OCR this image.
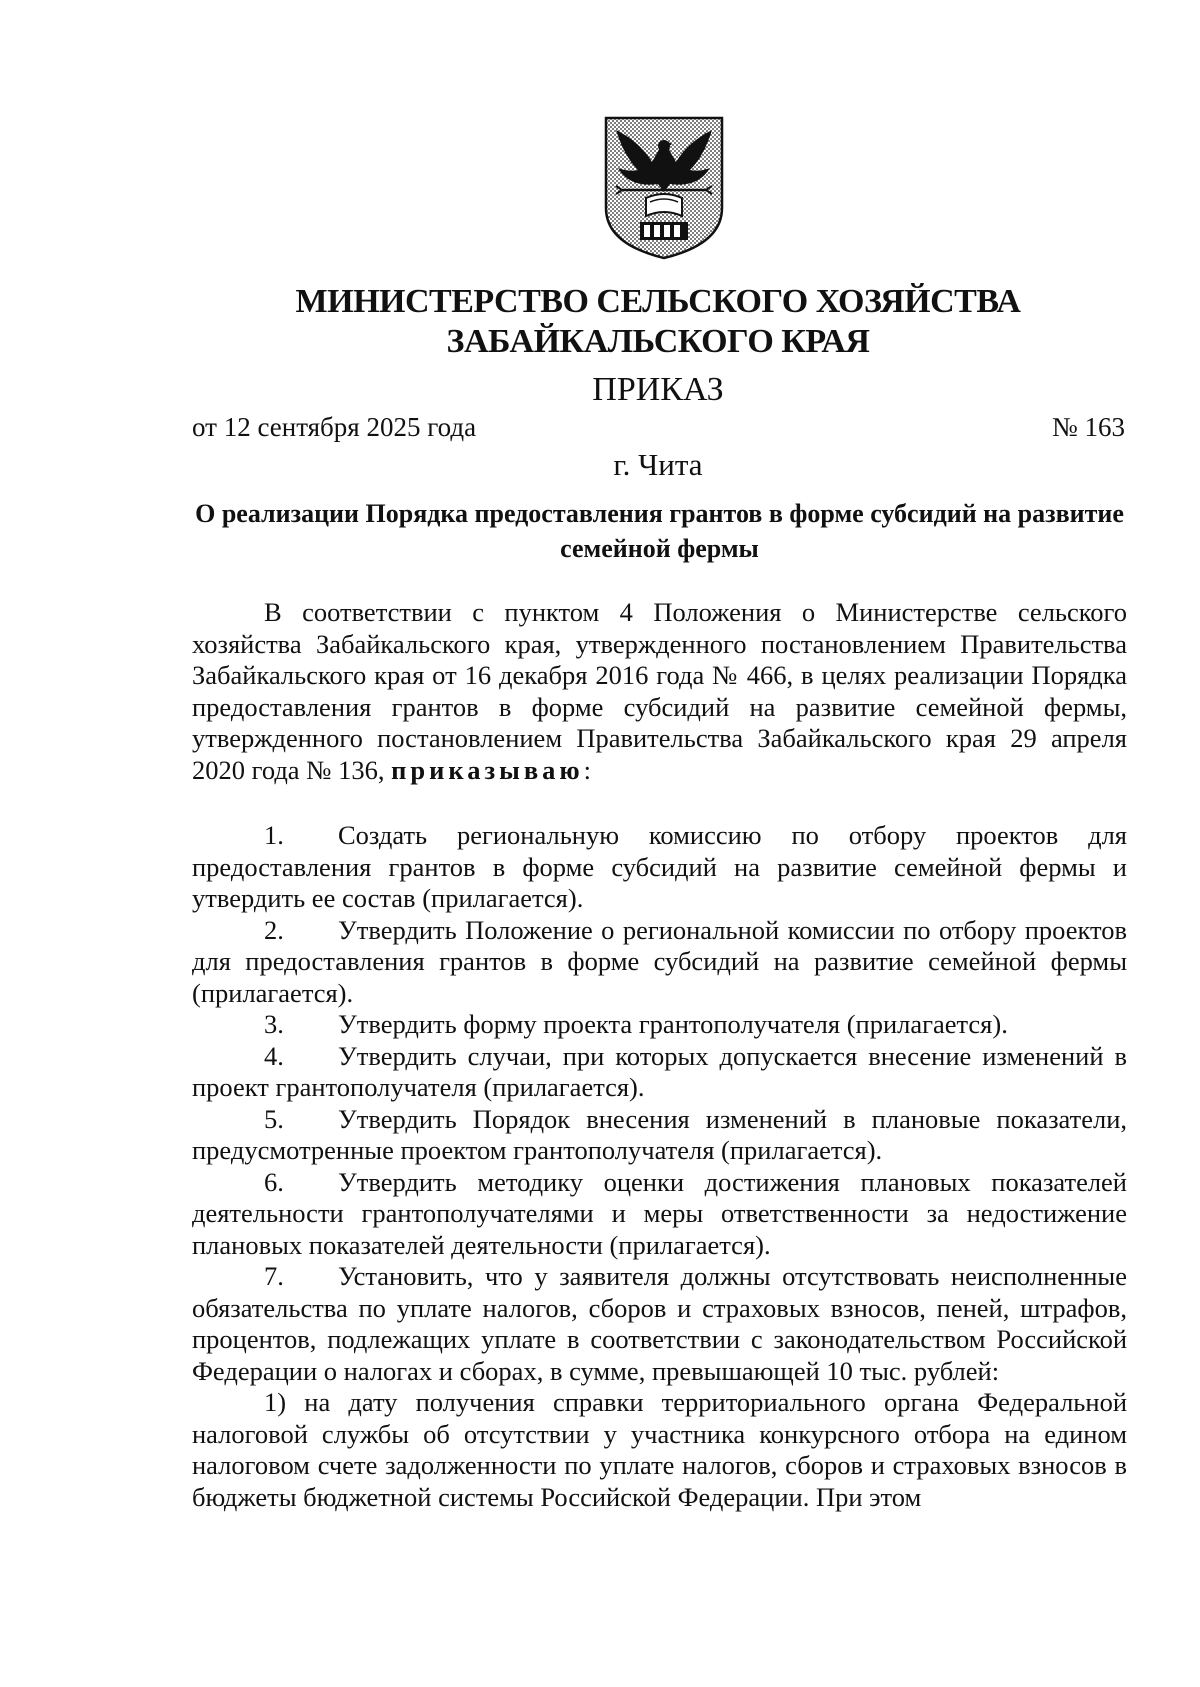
МИНИСТЕРСТВО СЕЛЬСКОГО ХОЗЯЙСТВА
ЗАБАЙКАЛЬСКОГО КРАЯ
ПРИКАЗ
от 12 сентября 2025 года	№ 163
г. Чита
О реализации Порядка предоставления грантов в форме субсидий на развитие семейной фермы

В соответствии с пунктом 4 Положения о Министерстве сельского хозяйства Забайкальского края, утвержденного постановлением Правительства Забайкальского края от 16 декабря 2016 года № 466, в целях реализации Порядка предоставления грантов в форме субсидий на развитие семейной фермы, утвержденного постановлением Правительства Забайкальского края 29 апреля 2020 года № 136, приказываю:

1. Создать региональную комиссию по отбору проектов для предоставления грантов в форме субсидий на развитие семейной фермы и утвердить ее состав (прилагается).

2. Утвердить Положение о региональной комиссии по отбору проектов для предоставления грантов в форме субсидий на развитие семейной фермы (прилагается).

3. Утвердить форму проекта грантополучателя (прилагается).

4. Утвердить случаи, при которых допускается внесение изменений в проект грантополучателя (прилагается).

5. Утвердить Порядок внесения изменений в плановые показатели, предусмотренные проектом грантополучателя (прилагается).

6. Утвердить методику оценки достижения плановых показателей деятельности грантополучателями и меры ответственности за недостижение плановых показателей деятельности (прилагается).

7. Установить, что у заявителя должны отсутствовать неисполненные обязательства по уплате налогов, сборов и страховых взносов, пеней, штрафов, процентов, подлежащих уплате в соответствии с законодательством Российской Федерации о налогах и сборах, в сумме, превышающей 10 тыс. рублей:

1) на дату получения справки территориального органа Федеральной налоговой службы об отсутствии у участника конкурсного отбора на едином налоговом счете задолженности по уплате налогов, сборов и страховых взносов в бюджеты бюджетной системы Российской Федерации. При этом
